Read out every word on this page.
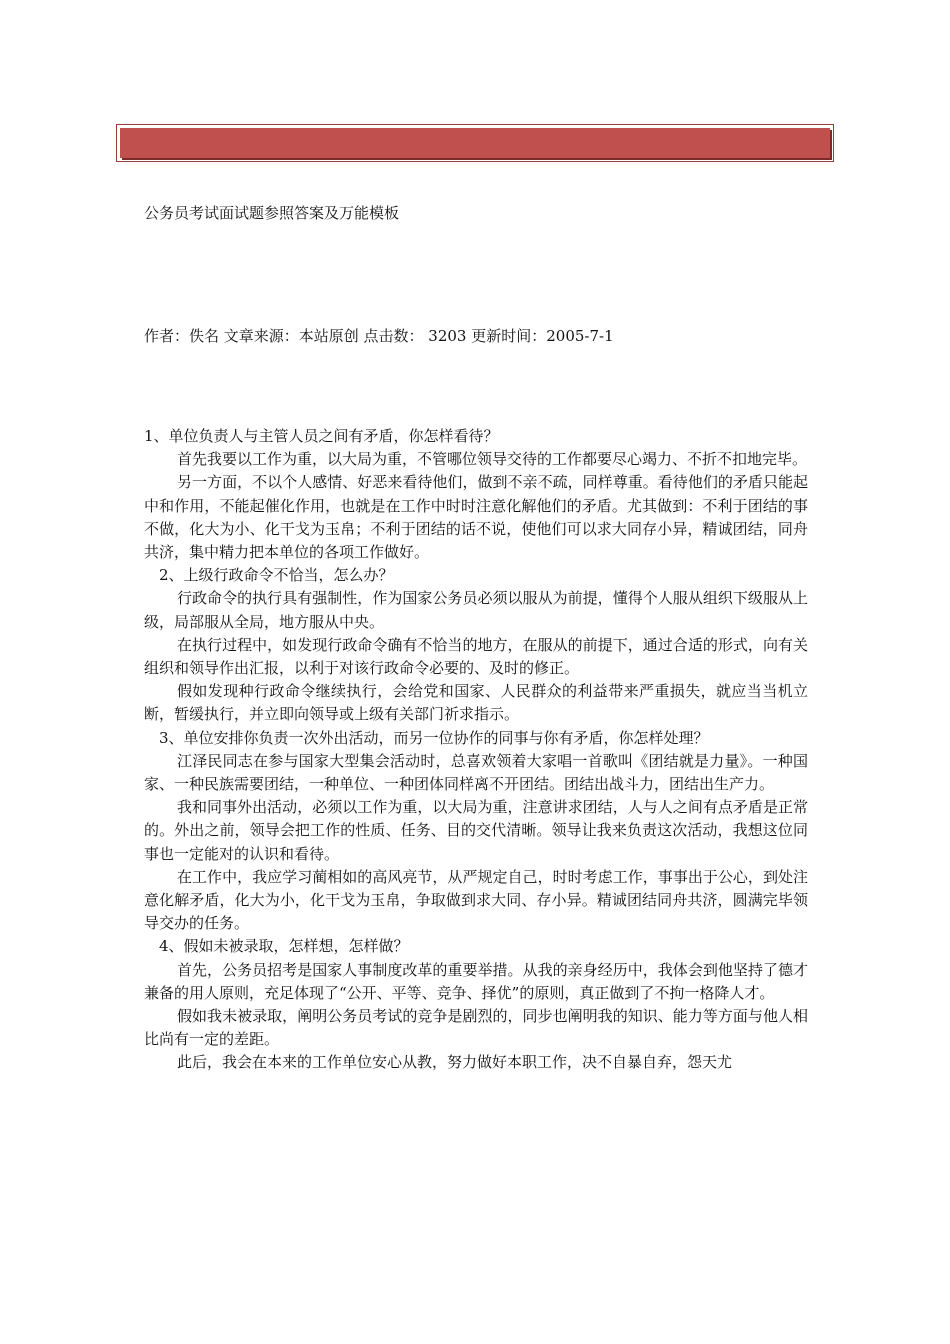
公务员考试面试题参照答案及万能模板
作者：佚名 文章来源：本站原创 点击数： 3203 更新时间：2005-7-1

1、单位负责人与主管人员之间有矛盾，你怎样看待？

首先我要以工作为重，以大局为重，不管哪位领导交待的工作都要尽心竭力、不折不扣地完毕。

另一方面，不以个人感情、好恶来看待他们，做到不亲不疏，同样尊重。看待他们的矛盾只能起中和作用，不能起催化作用，也就是在工作中时时注意化解他们的矛盾。尤其做到：不利于团结的事不做，化大为小、化干戈为玉帛；不利于团结的话不说，使他们可以求大同存小异，精诚团结，同舟共济，集中精力把本单位的各项工作做好。

2、上级行政命令不恰当，怎么办？

行政命令的执行具有强制性，作为国家公务员必须以服从为前提，懂得个人服从组织下级服从上级，局部服从全局，地方服从中央。

在执行过程中，如发现行政命令确有不恰当的地方，在服从的前提下，通过合适的形式，向有关组织和领导作出汇报，以利于对该行政命令必要的、及时的修正。

假如发现种行政命令继续执行，会给党和国家、人民群众的利益带来严重损失，就应当当机立断，暂缓执行，并立即向领导或上级有关部门祈求指示。

3、单位安排你负责一次外出活动，而另一位协作的同事与你有矛盾，你怎样处理？

江泽民同志在参与国家大型集会活动时，总喜欢领着大家唱一首歌叫《团结就是力量》。一种国家、一种民族需要团结，一种单位、一种团体同样离不开团结。团结出战斗力，团结出生产力。

我和同事外出活动，必须以工作为重，以大局为重，注意讲求团结，人与人之间有点矛盾是正常的。外出之前，领导会把工作的性质、任务、目的交代清晰。领导让我来负责这次活动，我想这位同事也一定能对的认识和看待。

在工作中，我应学习蔺相如的高风亮节，从严规定自己，时时考虑工作，事事出于公心，到处注意化解矛盾，化大为小，化干戈为玉帛，争取做到求大同、存小异。精诚团结同舟共济，圆满完毕领导交办的任务。

4、假如未被录取，怎样想，怎样做？

首先，公务员招考是国家人事制度改革的重要举措。从我的亲身经历中，我体会到他坚持了德才兼备的用人原则，充足体现了“公开、平等、竞争、择优”的原则，真正做到了不拘一格降人才。

假如我未被录取，阐明公务员考试的竞争是剧烈的，同步也阐明我的知识、能力等方面与他人相比尚有一定的差距。

此后，我会在本来的工作单位安心从教，努力做好本职工作，决不自暴自弃，怨天尤
